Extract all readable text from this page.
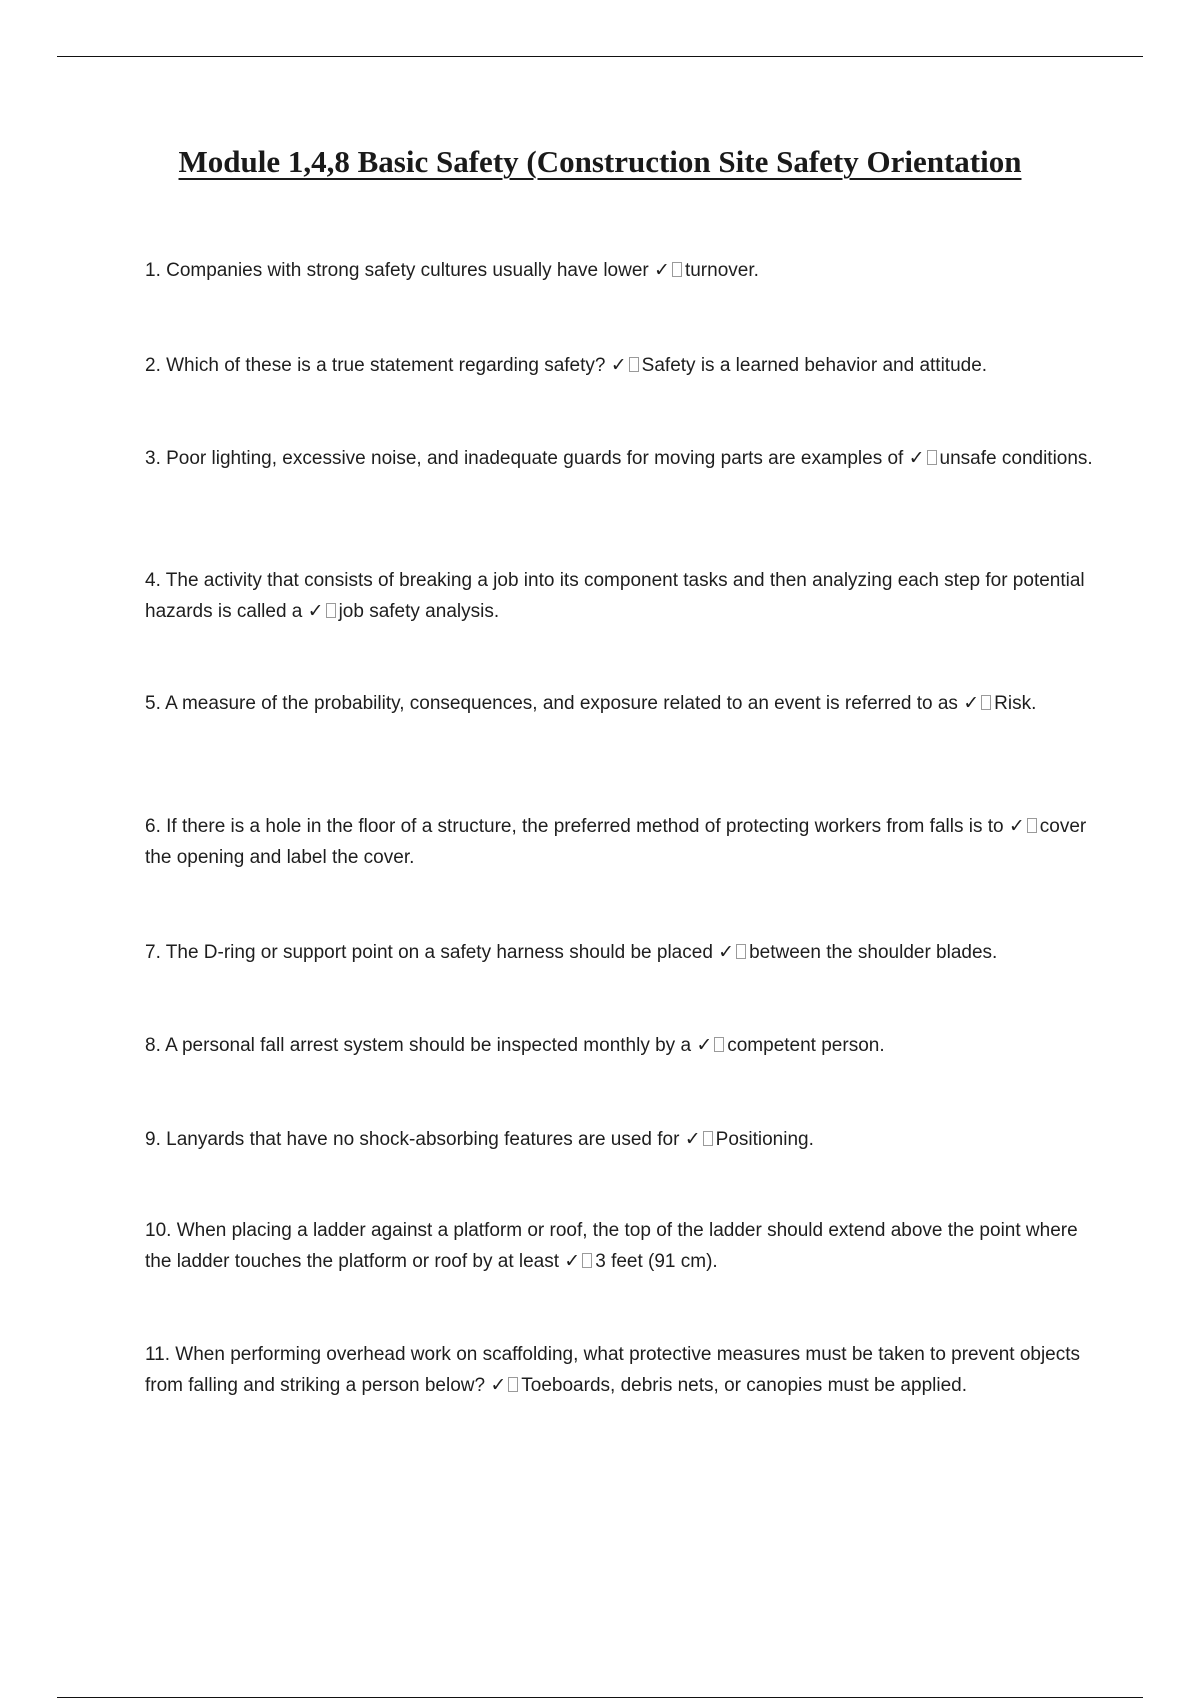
Module 1,4,8 Basic Safety (Construction Site Safety Orientation

1. Companies with strong safety cultures usually have lower ✓ turnover.

2. Which of these is a true statement regarding safety? ✓ Safety is a learned behavior and attitude.

3. Poor lighting, excessive noise, and inadequate guards for moving parts are examples of ✓ unsafe conditions.

4. The activity that consists of breaking a job into its component tasks and then analyzing each step for potential hazards is called a ✓ job safety analysis.

5. A measure of the probability, consequences, and exposure related to an event is referred to as ✓ Risk.

6. If there is a hole in the floor of a structure, the preferred method of protecting workers from falls is to ✓ cover the opening and label the cover.

7. The D-ring or support point on a safety harness should be placed ✓ between the shoulder blades.

8. A personal fall arrest system should be inspected monthly by a ✓ competent person.

9. Lanyards that have no shock-absorbing features are used for ✓ Positioning.

10. When placing a ladder against a platform or roof, the top of the ladder should extend above the point where the ladder touches the platform or roof by at least ✓ 3 feet (91 cm).

11. When performing overhead work on scaffolding, what protective measures must be taken to prevent objects from falling and striking a person below? ✓ Toeboards, debris nets, or canopies must be applied.
